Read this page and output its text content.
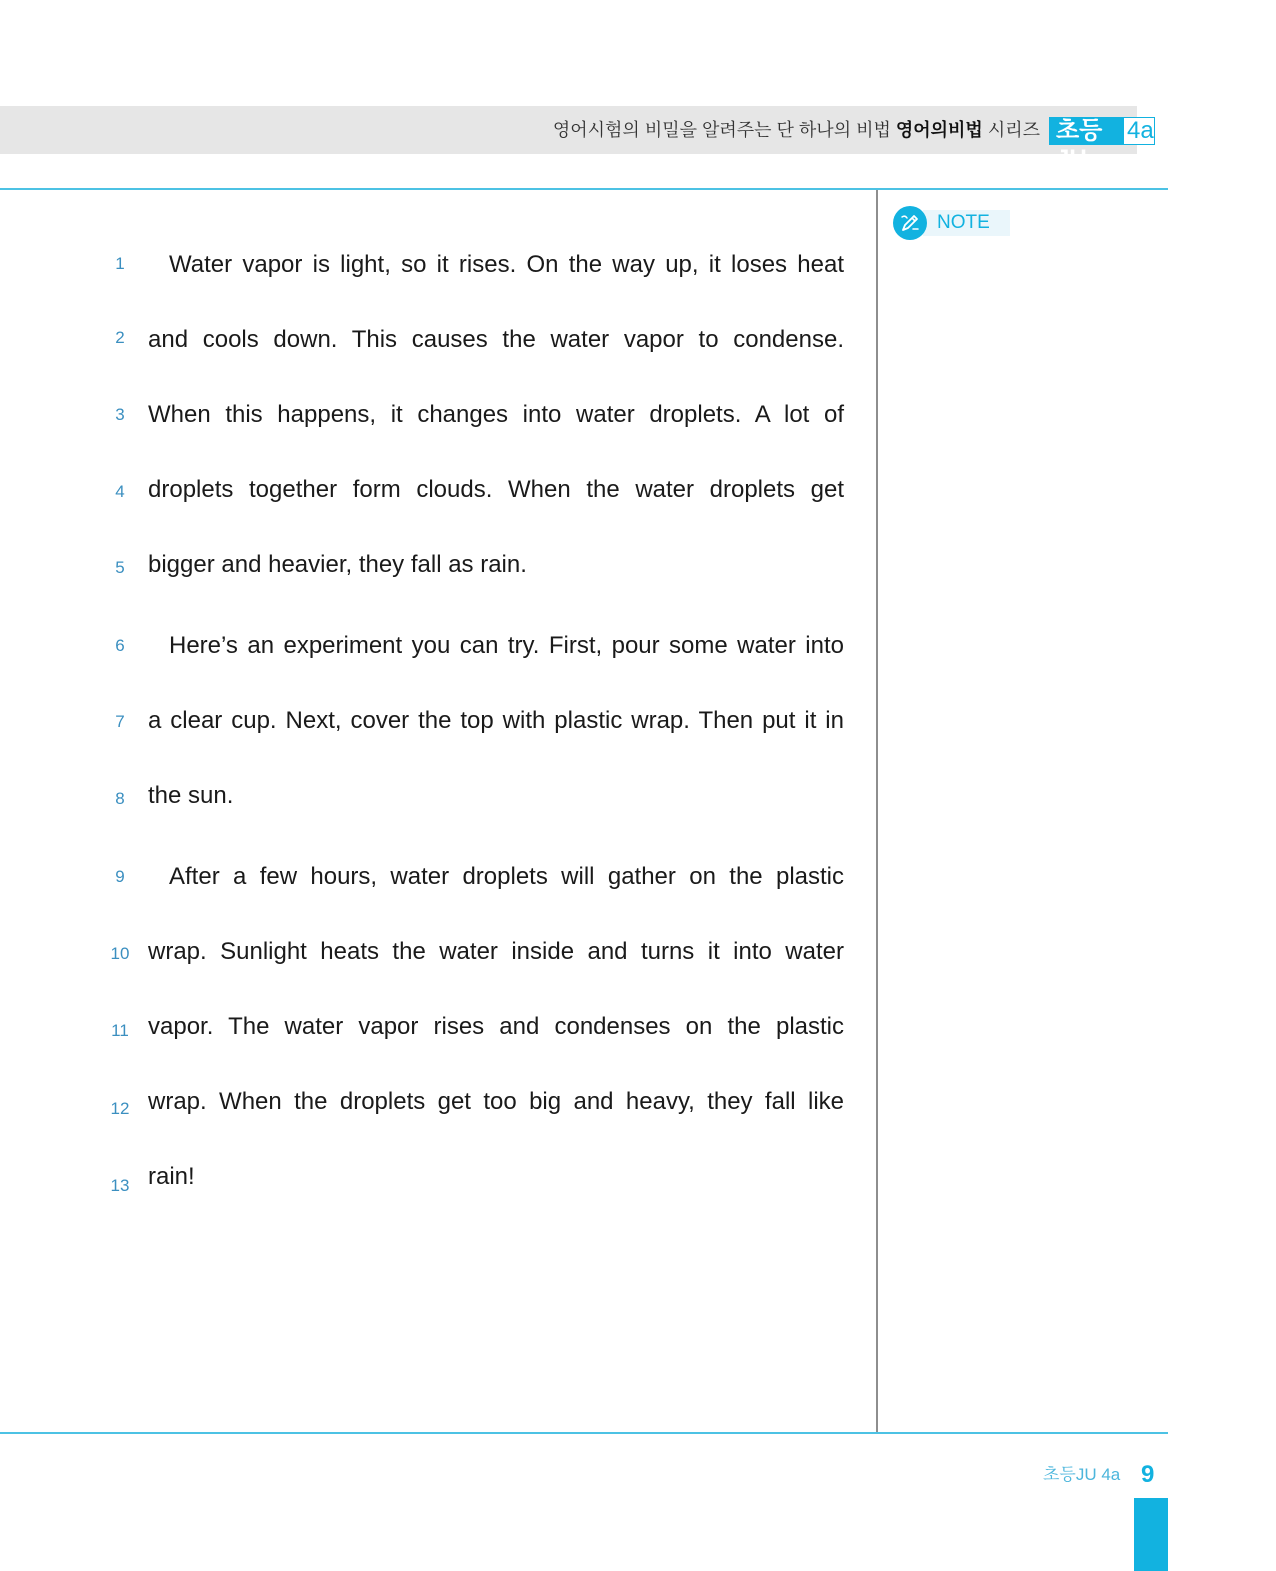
영어시험의 비밀을 알려주는 단 하나의 비법 영어의비법 시리즈 초등JU
4a
NOTE
1	Water vapor is light, so it rises. On the way up, it loses heat
2 and cools down. This causes the water vapor to condense.
3 When this happens, it changes into water droplets. A lot of
4 droplets together form clouds. When the water droplets get
5 bigger and heavier, they fall as rain.
6	Here’s an experiment you can try. First, pour some water into
7 a clear cup. Next, cover the top with plastic wrap. Then put it in
8 the sun.
9	After a few hours, water droplets will gather on the plastic
10 wrap. Sunlight heats the water inside and turns it into water
11 vapor. The water vapor rises and condenses on the plastic
12 wrap. When the droplets get too big and heavy, they fall like
13 rain!
초등JU 4a 9
